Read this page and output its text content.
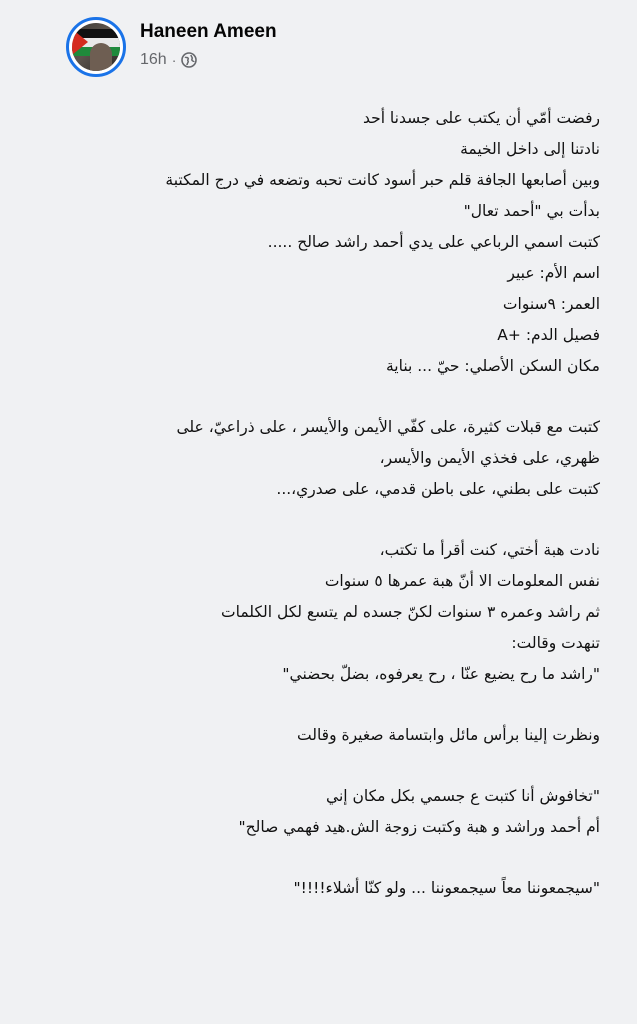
Haneen Ameen
16h ·
رفضت أمّي أن يكتب على جسدنا أحد
نادتنا إلى داخل الخيمة
وبين أصابعها الجافة قلم حبر أسود كانت تحبه وتضعه في درج المكتبة
بدأت بي "أحمد تعال"
كتبت اسمي الرباعي على يدي أحمد راشد صالح .....
اسم الأم: عبير
العمر: ٩سنوات
فصيل الدم: +A
مكان السكن الأصلي: حيّ ... بناية
كتبت مع قبلات كثيرة، على كفّي الأيمن والأيسر ، على ذراعيّ، على
ظهري، على فخذي الأيمن والأيسر،
كتبت على بطني، على باطن قدمي، على صدري،...
نادت هبة أختي، كنت أقرأ ما تكتب،
نفس المعلومات الا أنّ هبة عمرها ٥ سنوات
ثم راشد وعمره ٣ سنوات لكنّ جسده لم يتسع لكل الكلمات
تنهدت وقالت:
"راشد ما رح يضيع عنّا ، رح يعرفوه، بضلّ بحضني"
ونظرت إلينا برأس مائل وابتسامة صغيرة وقالت
"تخافوش أنا كتبت ع جسمي بكل مكان إني
أم أحمد وراشد و هبة وكتبت زوجة الش.هيد فهمي صالح"
"سيجمعوننا معاً سيجمعوننا ... ولو كنّا أشلاء!!!!"
